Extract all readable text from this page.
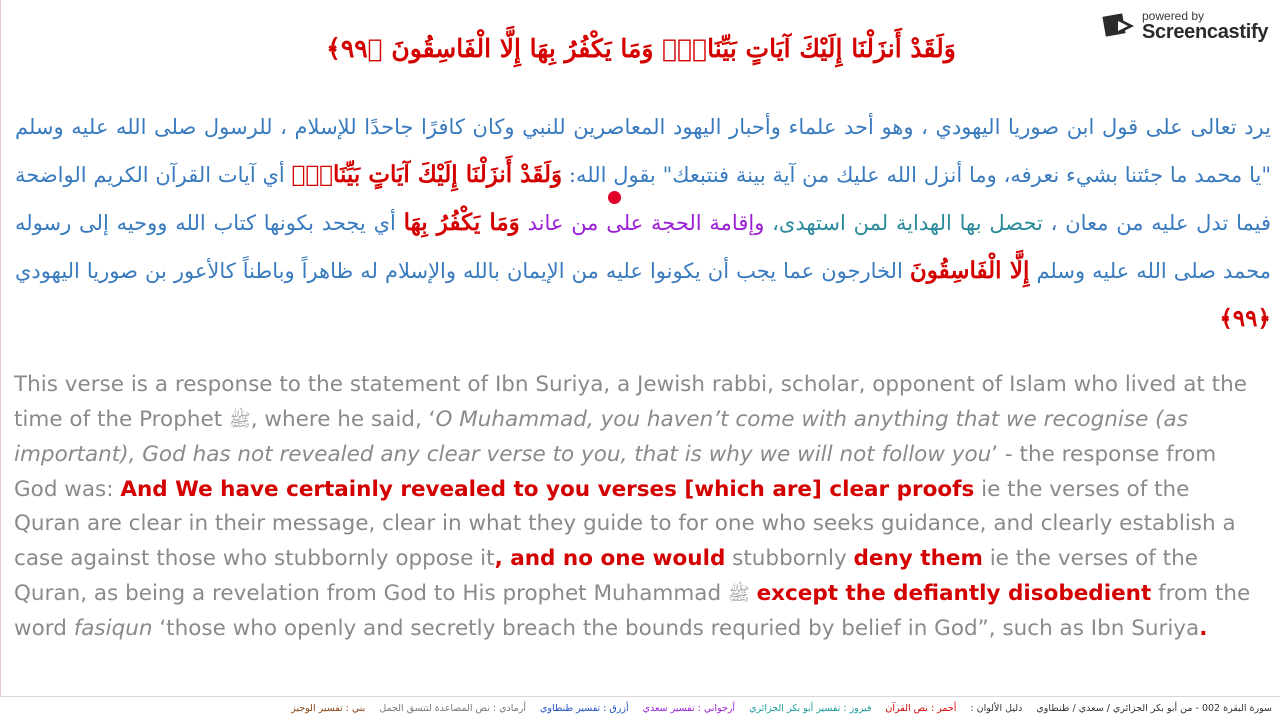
powered by
Screencastify
وَلَقَدْ أَنزَلْنَا إِلَيْكَ آيَاتٍ بَيِّنَاتٍۖ وَمَا يَكْفُرُ بِهَا إِلَّا الْفَاسِقُونَ ﴿٩٩﴾
يرد تعالى على قول ابن صوريا اليهودي ، وهو أحد علماء وأحبار اليهود المعاصرين للنبي وكان كافرًا جاحدًا للإسلام ، للرسول صلى الله عليه وسلم "يا محمد ما جئتنا بشيء نعرفه، وما أنزل الله عليك من آية بينة فنتبعك" بقول الله: وَلَقَدْ أَنزَلْنَا إِلَيْكَ آيَاتٍ بَيِّنَاتٍۖ أي آيات القرآن الكريم الواضحة فيما تدل عليه من معان ، تحصل بها الهداية لمن استهدى، وإقامة الحجة على من عاند وَمَا يَكْفُرُ بِهَا أي يجحد بكونها كتاب الله ووحيه إلى رسوله محمد صلى الله عليه وسلم إِلَّا الْفَاسِقُونَ الخارجون عما يجب أن يكونوا عليه من الإيمان بالله والإسلام له ظاهراً وباطناً كالأعور بن صوريا اليهودي ﴿٩٩﴾
This verse is a response to the statement of Ibn Suriya, a Jewish rabbi, scholar, opponent of Islam who lived at the time of the Prophet ﷺ, where he said, ‘O Muhammad, you haven’t come with anything that we recognise (as important), God has not revealed any clear verse to you, that is why we will not follow you’ - the response from God was: And We have certainly revealed to you verses [which are] clear proofs ie the verses of the Quran are clear in their message, clear in what they guide to for one who seeks guidance, and clearly establish a case against those who stubbornly oppose it, and no one would stubbornly deny them ie the verses of the Quran, as being a revelation from God to His prophet Muhammad ﷺ except the defiantly disobedient from the word fasiqun ‘those who openly and secretly breach the bounds requried by belief in God”, such as Ibn Suriya.
سورة البقرة 002 - من أبو بكر الجزائري / سعدي / طنطاوي
دليل الألوان :
أحمر : نص القرآن
فيروز : تفسير أبو بكر الجزائري
أرجواني : تفسير سعدي
أزرق : تفسير طنطاوي
أرمادي : نص المصاعدة لتتسق الجمل
بني : تفسير الوجيز
